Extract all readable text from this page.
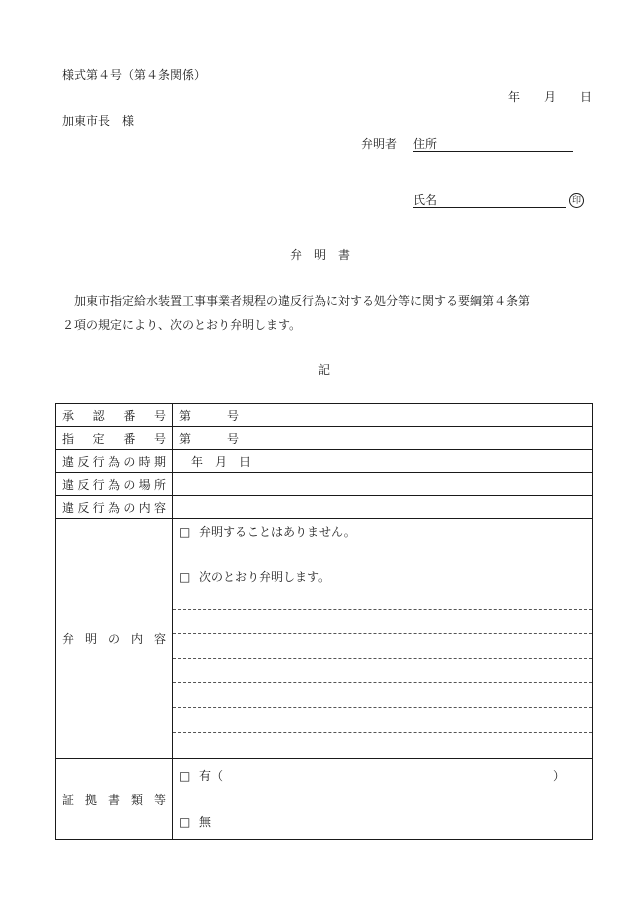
様式第４号（第４条関係）
年　　月　　日
加東市長　様
弁明者 住所
氏名	印
弁　明　書
加東市指定給水装置工事事業者規程の違反行為に対する処分等に関する要綱第４条第
２項の規定により、次のとおり弁明します。
記
承認番号	第　　　号
指定番号	第　　　号
違反行為の時期	　年　月　日
違反行為の場所	
違反行為の内容	
弁明の内容	□ 弁明することはありません。
□ 次のとおり弁明します。

証拠書類等	□ 有（ ）
□ 無
